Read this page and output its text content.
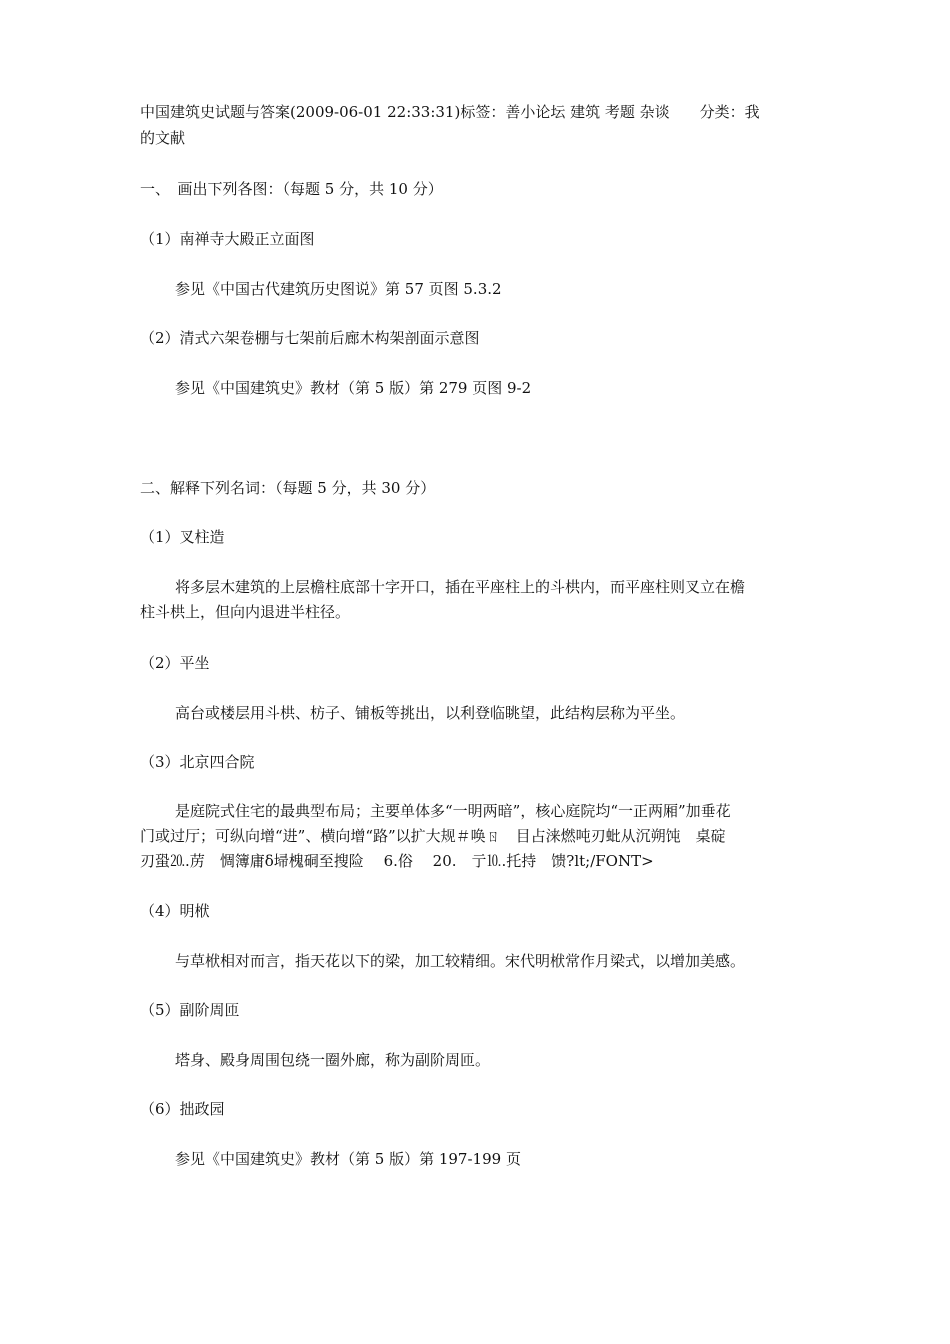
中国建筑史试题与答案(2009-06-01 22:33:31)标签：善小论坛 建筑 考题 杂谈　　分类：我
的文献
一、　画出下列各图：（每题 5 分，共 10 分）
（1）南禅寺大殿正立面图
参见《中国古代建筑历史图说》第 57 页图 5.3.2
（2）清式六架卷棚与七架前后廊木构架剖面示意图
参见《中国建筑史》教材（第 5 版）第 279 页图 9-2
二、解释下列名词：（每题 5 分，共 30 分）
（1）叉柱造
将多层木建筑的上层檐柱底部十字开口，插在平座柱上的斗栱内，而平座柱则叉立在檐
柱斗栱上，但向内退进半柱径。
（2）平坐
高台或楼层用斗栱、枋子、铺板等挑出，以利登临眺望，此结构层称为平坐。
（3）北京四合院
是庭院式住宅的最典型布局；主要单体多“一明两暗”，核心庭院均“一正两厢”加垂花
门或过厅；可纵向增“进”、横向增“路”以扩大规＃唤ㄖ　目占涞燃吨刃蚍从沉朔饨　桌碇
刃蛩⒛.苈　惆簿庸δ埽槐硐至搜险　 6.俗　 20.　亍⒑.托持　馈?lt;/FONT>
（4）明栿
与草栿相对而言，指天花以下的梁，加工较精细。宋代明栿常作月梁式，以增加美感。
（5）副阶周匝
塔身、殿身周围包绕一圈外廊，称为副阶周匝。
（6）拙政园
参见《中国建筑史》教材（第 5 版）第 197-199 页
